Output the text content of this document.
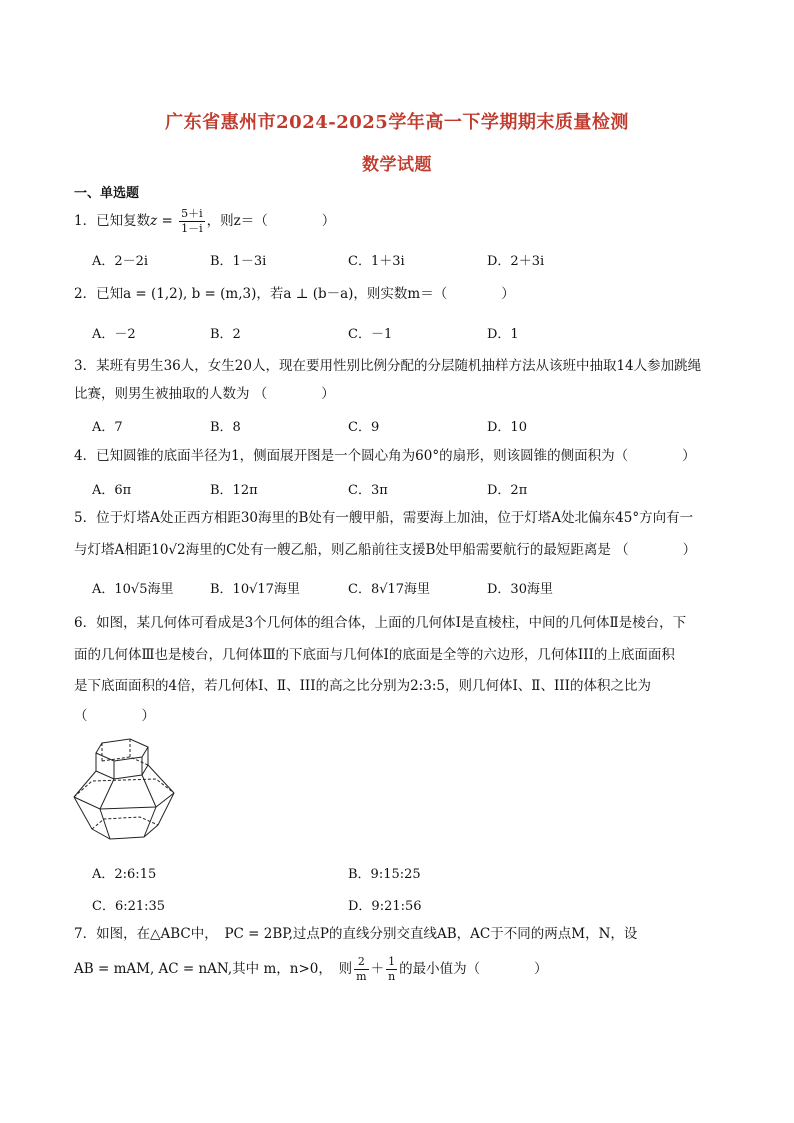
广东省惠州市2024-2025学年高一下学期期末质量检测
数学试题
一、单选题
1．已知复数$z = \frac{5+i}{1-i}$ ，则z＝（　　　　）
A．2－2i	B．1－3i	C．1＋3i	D．2＋3i
2．已知a = (1,2), b = (m,3)，若a ⊥ (b－a)，则实数m＝（　　　　）
A．－2	B．2	C．－1	D．1
3．某班有男生36人，女生20人，现在要用性别比例分配的分层随机抽样方法从该班中抽取14人参加跳绳
比赛，则男生被抽取的人数为 （　　　　）
A．7	B．8	C．9	D．10
4．已知圆锥的底面半径为1，侧面展开图是一个圆心角为60°的扇形，则该圆锥的侧面积为（　　　　）
A．6π	B．12π	C．3π	D．2π
5．位于灯塔A处正西方相距30海里的B处有一艘甲船，需要海上加油，位于灯塔A处北偏东45°方向有一
与灯塔A相距10√2海里的C处有一艘乙船，则乙船前往支援B处甲船需要航行的最短距离是 （　　　　）
A．10√5海里	B．10√17海里	C．8√17海里	D．30海里
6．如图，某几何体可看成是3个几何体的组合体，上面的几何体Ⅰ是直棱柱，中间的几何体Ⅱ是棱台，下
面的几何体Ⅲ也是棱台，几何体Ⅲ的下底面与几何体Ⅰ的底面是全等的六边形，几何体III的上底面面积
是下底面面积的4倍，若几何体Ⅰ、Ⅱ、III的高之比分别为2:3:5，则几何体Ⅰ、Ⅱ、III的体积之比为
（　　　　）
A．2:6:15	B．9:15:25
C．6:21:35	D．9:21:56
7．如图，在△ABC中，　PC = 2BP,过点P的直线分别交直线AB，AC于不同的两点M，N，设
AB = mAM, AC = nAN,其中 m，n>0，　则 $\frac{2}{m} + \frac{1}{n}$ 的最小值为（　　　　）
